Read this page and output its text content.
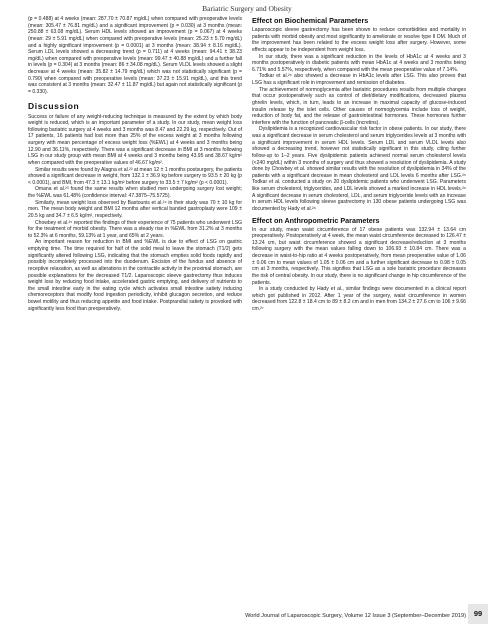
Bariatric Surgery and Obesity

(p = 0.488) at 4 weeks (mean: 287.70 ± 70.87 mg/dL) when compared with preoperative levels (mean: 305.47 ± 76.81 mg/dL) and a significant improvement (p = 0.030) at 3 months (mean: 250.88 ± 63.08 mg/dL). Serum HDL levels showed an improvement (p = 0.067) at 4 weeks (mean: 29 ± 5.91 mg/dL) when compared with preoperative levels (mean: 25.23 ± 5.70 mg/dL) and a highly significant improvement (p = 0.0001) at 3 months (mean: 38.94 ± 8.16 mg/dL). Serum LDL levels showed a decreasing trend (p = 0.711) at 4 weeks (mean: 94.41 ± 38.23 mg/dL) when compared with preoperative levels (mean: 99.47 ± 40.88 mg/dL) and a further fall in levels (p = 0.304) at 3 months (mean: 86 ± 34.08 mg/dL). Serum VLDL levels showed a slight decrease at 4 weeks (mean: 35.82 ± 14.79 mg/dL) which was not statistically significant (p = 0.790) when compared with preoperative levels (mean: 37.23 ± 15.91 mg/dL), and this trend was consistent at 3 months (mean: 32.47 ± 11.87 mg/dL) but again not statistically significant (p = 0.330).

Discussion

Success or failure of any weight-reducing technique is measured by the extent by which body weight is reduced, which is an important parameter of a study. In our study, mean weight loss following bariatric surgery at 4 weeks and 3 months was 8.47 and 22.29 kg, respectively. Out of 17 patients, 16 patients had lost more than 25% of the excess weight at 3 months following surgery with mean percentage of excess weight loss (%EWL) at 4 weeks and 3 months being 12.90 and 36.11%, respectively. There was a significant decrease in BMI at 3 months following LSG in our study group with mean BMI at 4 weeks and 3 months being 43.95 and 38.67 kg/m² when compared with the preoperative values of 46.67 kg/m².

Similar results were found by Alagna et al.²² at mean 12 ± 1 months postsurgery, the patients showed a significant decrease in weight, from 132.1 ± 36.9 kg before surgery to 93.5 ± 20 kg (p < 0.0001), and BMI, from 47.3 ± 13.1 kg/m² before surgery to 33.5 ± 7 kg/m² (p < 0.0001).

Omana et al.²³ found the same results when studied men undergoing surgery lost weight; the %EWL was 61.48% (confidence interval: 47.3875–75.5725).

Similarly, mean weight loss observed by Bastounis et al.²⁴ in their study was 70 ± 10 kg for men. The mean body weight and BMI 12 months after vertical banded gastroplasty were 109 ± 20.5 kg and 34.7 ± 6.5 kg/m², respectively.

Chowbey et al.²⁵ reported the findings of their experience of 75 patients who underwent LSG for the treatment of morbid obesity. There was a steady rise in %EWL from 31.2% at 3 months to 52.3% at 6 months, 59.13% at 1 year, and 65% at 2 years.

An important reason for reduction in BMI and %EWL is due to effect of LSG on gastric emptying time. The time required for half of the solid meal to leave the stomach (T1/2) gets significantly altered following LSG, indicating that the stomach empties solid foods rapidly and possibly incompletely processed into the duodenum. Excision of the fundus and absence of receptive relaxation, as well as alterations in the contractile activity in the proximal stomach, are possible explanations for the decreased T1/2. Laparoscopic sleeve gastrectomy thus induces weight loss by reducing food intake, accelerated gastric emptying, and delivery of nutrients to the small intestine early in the eating cycle which activates small intestine satiety inducing chemoreceptors that modify food ingestion periodicity, inhibit glucagon secretion, and reduce bowel motility and thus reducing appetite and food intake. Postprandial satiety is provoked with significantly less food than preoperatively.

Effect on Biochemical Parameters

Laparoscopic sleeve gastrectomy has been shown to reduce comorbidities and mortality in patients with morbid obesity and most significantly to ameliorate or resolve type II DM. Much of the improvement has been related to the excess weight loss after surgery. However, some effects appear to be independent from weight loss.

In our study, there was a significant reduction in the levels of HbA1c at 4 weeks and 3 months postoperatively in diabetic patients with mean HbA1c at 4 weeks and 3 months being 6.71% and 5.57%, respectively, when compared with the mean preoperative value of 7.14%.

Todkar et al.²⁵ also showed a decrease in HbA1c levels after LSG. This also proves that LSG has a significant role in improvement and remission of diabetes.

The achievement of normoglycemia after bariatric procedures results from multiple changes that occur postoperatively such as control of diet/dietary modifications, decreased plasma ghrelin levels, which, in turn, leads to an increase in maximal capacity of glucose-induced insulin release by the islet cells. Other causes of normoglycemia include loss of weight, reduction of body fat, and the release of gastrointestinal hormones. These hormones further interfere with the function of pancreatic β-cells (incretins).

Dyslipidemia is a recognized cardiovascular risk factor in obese patients. In our study, there was a significant decrease in serum cholesterol and serum triglycerides levels at 3 months with a significant improvement in serum HDL levels. Serum LDL and serum VLDL levels also showed a decreasing trend, however not statistically significant in this study, citing further follow-up to 1–2 years. Five dyslipidemic patients achieved normal serum cholesterol levels (<240 mg/dL) within 3 months of surgery and thus showed a resolution of dyslipidemia. A study done by Chowbey et al. showed similar results with the resolution of dyslipidemia in 34% of the patients with a significant decrease in mean cholesterol and LDL levels 6 months after LSG.²⁵ Todkar et al. conducted a study on 20 dyslipidemic patients who underwent LSG. Parameters like serum cholesterol, triglycerides, and LDL levels showed a marked increase in HDL levels.²⁶ A significant decrease in serum cholesterol, LDL, and serum triglyceride levels with an increase in serum HDL levels following sleeve gastrectomy in 130 obese patients undergoing LSG was documented by Hady et al.²⁶

Effect on Anthropometric Parameters

In our study, mean waist circumference of 17 obese patients was 132.94 ± 13.64 cm preoperatively. Postoperatively at 4 week, the mean waist circumference decreased to 126.47 ± 13.24 cm, but waist circumference showed a significant decrease/reduction at 3 months following surgery with the mean values falling down to 106.93 ± 10.84 cm. There was a decrease in waist-to-hip ratio at 4 weeks postoperatively, from mean preoperative value of 1.06 ± 0.06 cm to mean values of 1.05 ± 0.06 cm and a further significant decrease to 0.98 ± 0.05 cm at 3 months, respectively. This signifies that LSG as a sole bariatric procedure decreases the risk of central obesity. In our study, there is no significant change in hip circumference of the patients.

In a study conducted by Hady et al., similar findings were documented in a clinical report which got published in 2012. After 1 year of the surgery, waist circumference in women decreased from 122.8 ± 18.4 cm to 89 ± 8.2 cm and in men from 134.2 ± 27.6 cm to 106 ± 9.66 cm.²⁷

World Journal of Laparoscopic Surgery, Volume 12 Issue 3 (September–December 2019)	99
